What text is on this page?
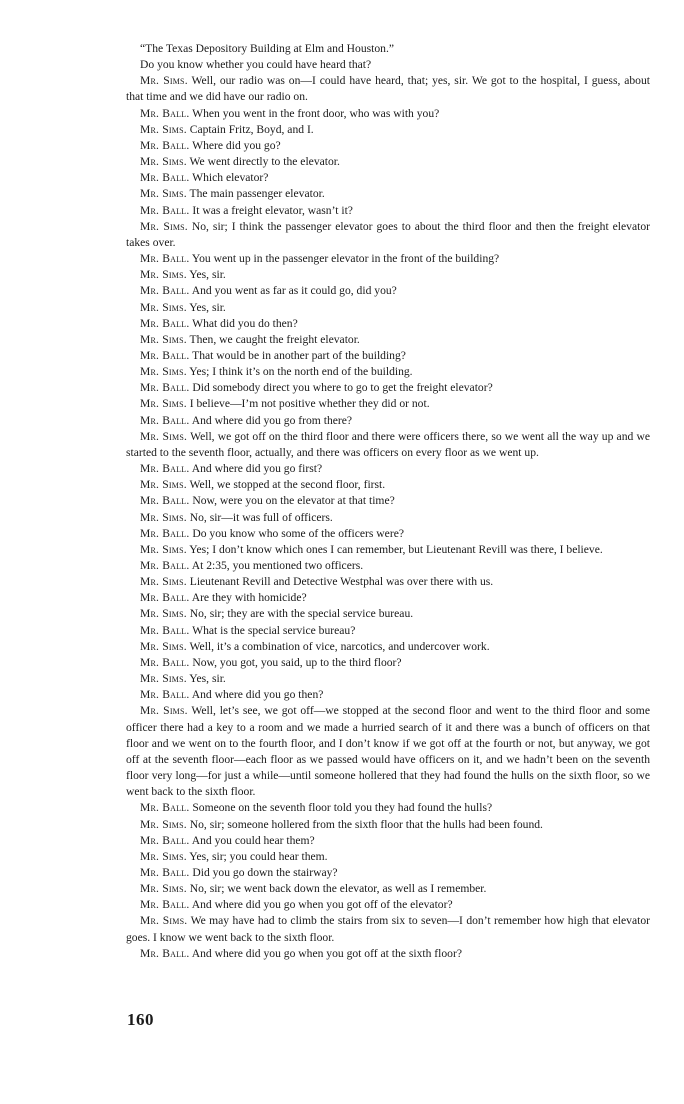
“The Texas Depository Building at Elm and Houston.”

Do you know whether you could have heard that?

Mr. Sims. Well, our radio was on—I could have heard, that; yes, sir. We got to the hospital, I guess, about that time and we did have our radio on.

Mr. Ball. When you went in the front door, who was with you?

Mr. Sims. Captain Fritz, Boyd, and I.

Mr. Ball. Where did you go?

Mr. Sims. We went directly to the elevator.

Mr. Ball. Which elevator?

Mr. Sims. The main passenger elevator.

Mr. Ball. It was a freight elevator, wasn’t it?

Mr. Sims. No, sir; I think the passenger elevator goes to about the third floor and then the freight elevator takes over.

Mr. Ball. You went up in the passenger elevator in the front of the building?

Mr. Sims. Yes, sir.

Mr. Ball. And you went as far as it could go, did you?

Mr. Sims. Yes, sir.

Mr. Ball. What did you do then?

Mr. Sims. Then, we caught the freight elevator.

Mr. Ball. That would be in another part of the building?

Mr. Sims. Yes; I think it’s on the north end of the building.

Mr. Ball. Did somebody direct you where to go to get the freight elevator?

Mr. Sims. I believe—I’m not positive whether they did or not.

Mr. Ball. And where did you go from there?

Mr. Sims. Well, we got off on the third floor and there were officers there, so we went all the way up and we started to the seventh floor, actually, and there was officers on every floor as we went up.

Mr. Ball. And where did you go first?

Mr. Sims. Well, we stopped at the second floor, first.

Mr. Ball. Now, were you on the elevator at that time?

Mr. Sims. No, sir—it was full of officers.

Mr. Ball. Do you know who some of the officers were?

Mr. Sims. Yes; I don’t know which ones I can remember, but Lieutenant Revill was there, I believe.

Mr. Ball. At 2:35, you mentioned two officers.

Mr. Sims. Lieutenant Revill and Detective Westphal was over there with us.

Mr. Ball. Are they with homicide?

Mr. Sims. No, sir; they are with the special service bureau.

Mr. Ball. What is the special service bureau?

Mr. Sims. Well, it’s a combination of vice, narcotics, and undercover work.

Mr. Ball. Now, you got, you said, up to the third floor?

Mr. Sims. Yes, sir.

Mr. Ball. And where did you go then?

Mr. Sims. Well, let’s see, we got off—we stopped at the second floor and went to the third floor and some officer there had a key to a room and we made a hurried search of it and there was a bunch of officers on that floor and we went on to the fourth floor, and I don’t know if we got off at the fourth or not, but anyway, we got off at the seventh floor—each floor as we passed would have officers on it, and we hadn’t been on the seventh floor very long—for just a while—until someone hollered that they had found the hulls on the sixth floor, so we went back to the sixth floor.

Mr. Ball. Someone on the seventh floor told you they had found the hulls?

Mr. Sims. No, sir; someone hollered from the sixth floor that the hulls had been found.

Mr. Ball. And you could hear them?

Mr. Sims. Yes, sir; you could hear them.

Mr. Ball. Did you go down the stairway?

Mr. Sims. No, sir; we went back down the elevator, as well as I remember.

Mr. Ball. And where did you go when you got off of the elevator?

Mr. Sims. We may have had to climb the stairs from six to seven—I don’t remember how high that elevator goes. I know we went back to the sixth floor.

Mr. Ball. And where did you go when you got off at the sixth floor?

160
